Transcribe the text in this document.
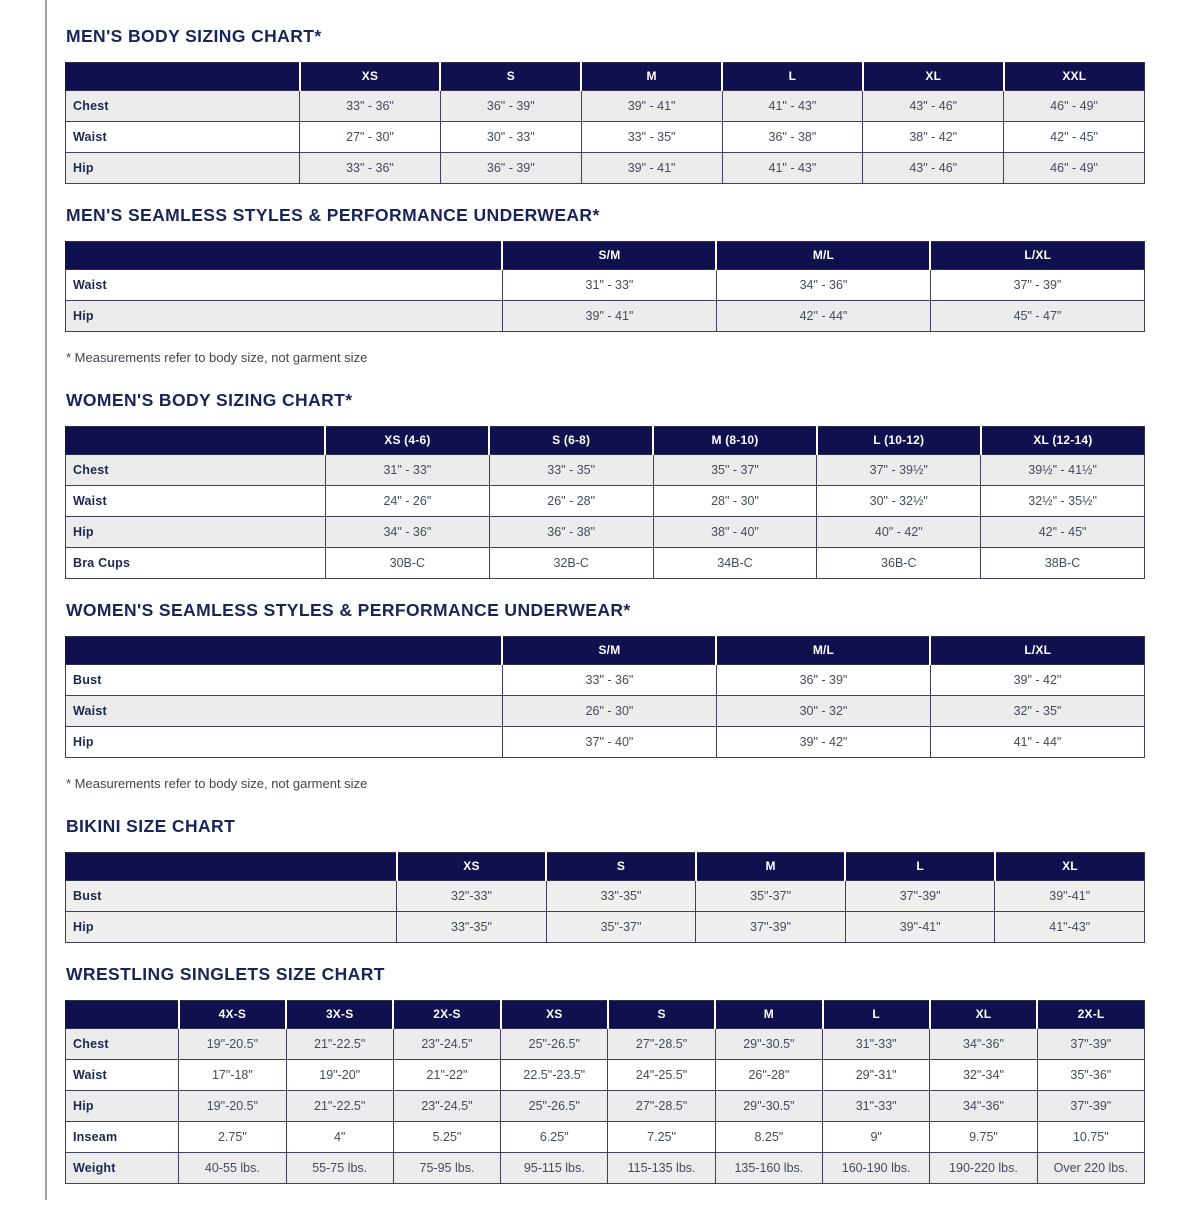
MEN'S BODY SIZING CHART*
	XS	S	M	L	XL	XXL
Chest	33" - 36"	36" - 39"	39" - 41"	41" - 43"	43" - 46"	46" - 49"
Waist	27" - 30"	30" - 33"	33" - 35"	36" - 38"	38" - 42"	42" - 45"
Hip	33" - 36"	36" - 39"	39" - 41"	41" - 43"	43" - 46"	46" - 49"
MEN'S SEAMLESS STYLES & PERFORMANCE UNDERWEAR*
	S/M	M/L	L/XL
Waist	31" - 33"	34" - 36"	37" - 39"
Hip	39" - 41"	42" - 44"	45" - 47"

* Measurements refer to body size, not garment size

WOMEN'S BODY SIZING CHART*
	XS (4-6)	S (6-8)	M (8-10)	L (10-12)	XL (12-14)
Chest	31" - 33"	33" - 35"	35" - 37"	37" - 39½"	39½" - 41½"
Waist	24" - 26"	26" - 28"	28" - 30"	30" - 32½"	32½" - 35½"
Hip	34" - 36"	36" - 38"	38" - 40"	40" - 42"	42" - 45"
Bra Cups	30B-C	32B-C	34B-C	36B-C	38B-C
WOMEN'S SEAMLESS STYLES & PERFORMANCE UNDERWEAR*
	S/M	M/L	L/XL
Bust	33" - 36"	36" - 39"	39" - 42"
Waist	26" - 30"	30" - 32"	32" - 35"
Hip	37" - 40"	39" - 42"	41" - 44"

* Measurements refer to body size, not garment size

BIKINI SIZE CHART
	XS	S	M	L	XL
Bust	32"-33"	33"-35"	35"-37"	37"-39"	39"-41"
Hip	33"-35"	35"-37"	37"-39"	39"-41"	41"-43"
WRESTLING SINGLETS SIZE CHART
	4X-S	3X-S	2X-S	XS	S	M	L	XL	2X-L
Chest	19"-20.5"	21"-22.5"	23"-24.5"	25"-26.5"	27"-28.5"	29"-30.5"	31"-33"	34"-36"	37"-39"
Waist	17"-18"	19"-20"	21"-22"	22.5"-23.5"	24"-25.5"	26"-28"	29"-31"	32"-34"	35"-36"
Hip	19"-20.5"	21"-22.5"	23"-24.5"	25"-26.5"	27"-28.5"	29"-30.5"	31"-33"	34"-36"	37"-39"
Inseam	2.75"	4"	5.25"	6.25"	7.25"	8.25"	9"	9.75"	10.75"
Weight	40-55 lbs.	55-75 lbs.	75-95 lbs.	95-115 lbs.	115-135 lbs.	135-160 lbs.	160-190 lbs.	190-220 lbs.	Over 220 lbs.
